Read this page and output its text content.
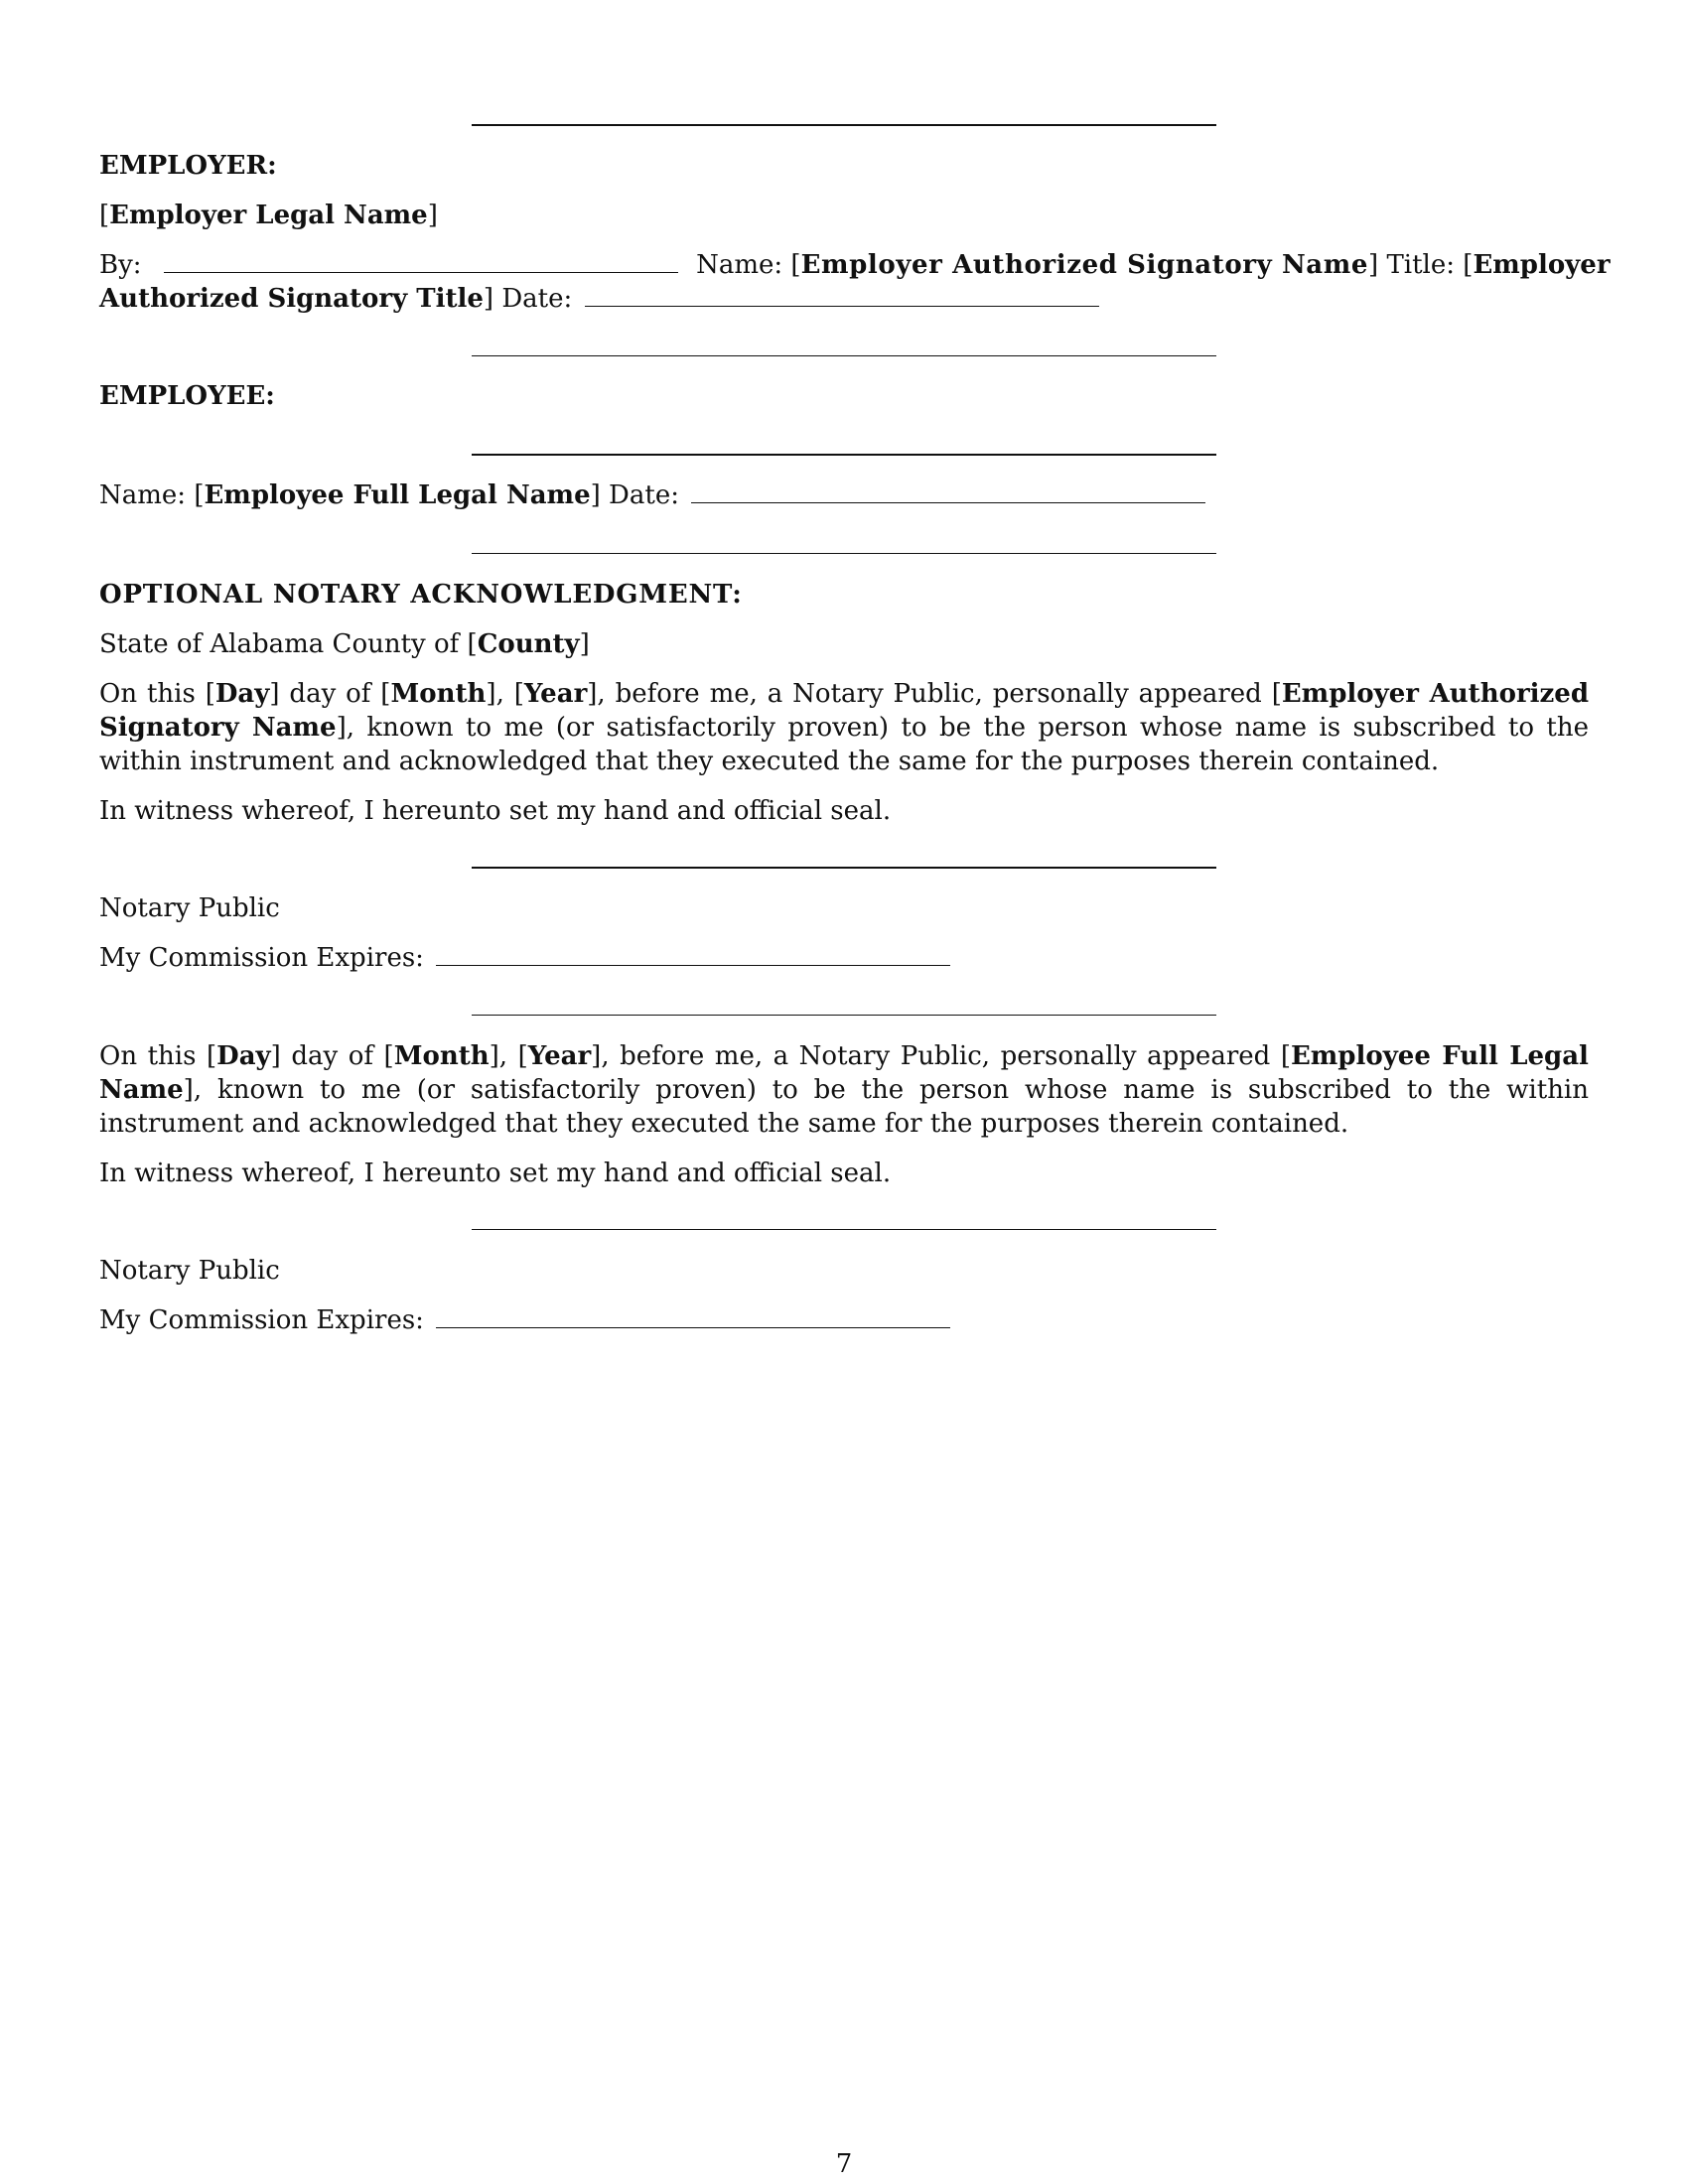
EMPLOYER:
[Employer Legal Name]
By:	Name: [Employer Authorized Signatory Name] Title: [Employer
Authorized Signatory Title] Date:
EMPLOYEE:
Name: [Employee Full Legal Name] Date:
OPTIONAL NOTARY ACKNOWLEDGMENT:
State of Alabama County of [County]
On this [Day] day of [Month], [Year], before me, a Notary Public, personally appeared [Employer Authorized Signatory Name], known to me (or satisfactorily proven) to be the person whose name is subscribed to the within instrument and acknowledged that they executed the same for the purposes therein contained.
In witness whereof, I hereunto set my hand and official seal.
Notary Public
My Commission Expires:
On this [Day] day of [Month], [Year], before me, a Notary Public, personally appeared [Employee Full Legal Name], known to me (or satisfactorily proven) to be the person whose name is subscribed to the within instrument and acknowledged that they executed the same for the purposes therein contained.
In witness whereof, I hereunto set my hand and official seal.
Notary Public
My Commission Expires:
7
